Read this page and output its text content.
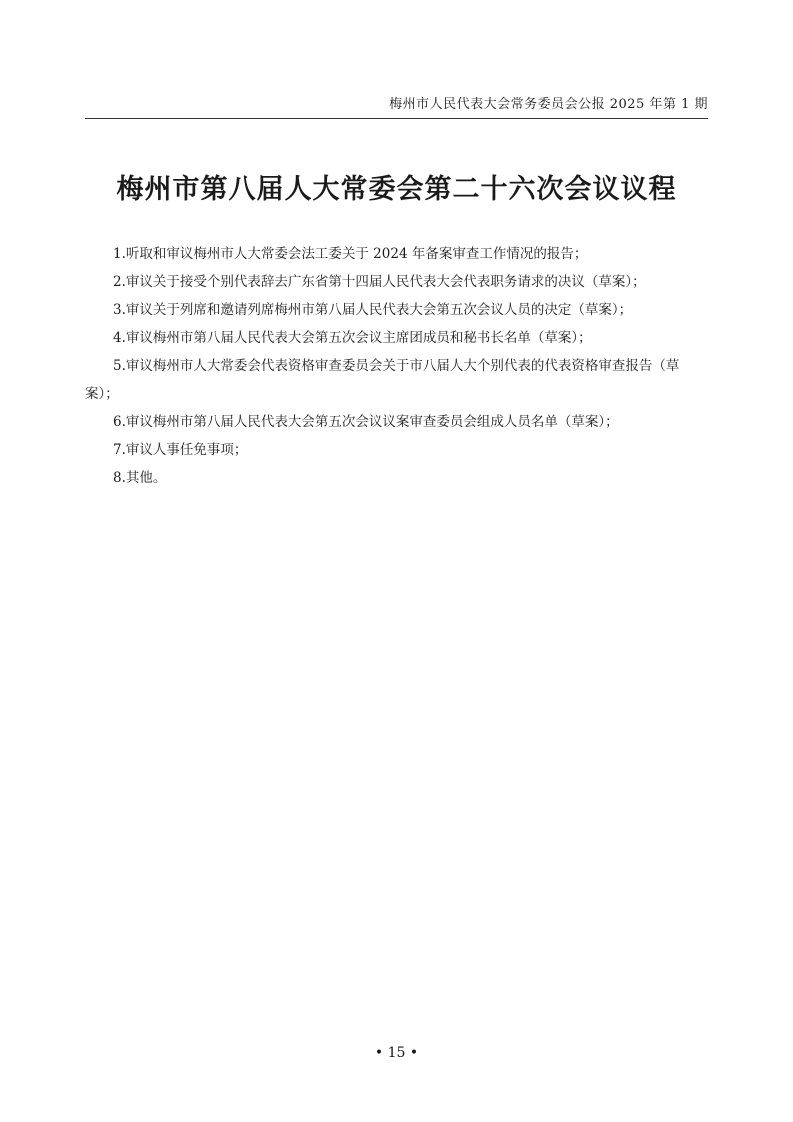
梅州市人民代表大会常务委员会公报 2025 年第 1 期
梅州市第八届人大常委会第二十六次会议议程
1.听取和审议梅州市人大常委会法工委关于 2024 年备案审查工作情况的报告；
2.审议关于接受个别代表辞去广东省第十四届人民代表大会代表职务请求的决议（草案）；
3.审议关于列席和邀请列席梅州市第八届人民代表大会第五次会议人员的决定（草案）；
4.审议梅州市第八届人民代表大会第五次会议主席团成员和秘书长名单（草案）；
5.审议梅州市人大常委会代表资格审查委员会关于市八届人大个别代表的代表资格审查报告（草案）；
6.审议梅州市第八届人民代表大会第五次会议议案审查委员会组成人员名单（草案）；
7.审议人事任免事项；
8.其他。
• 15 •
